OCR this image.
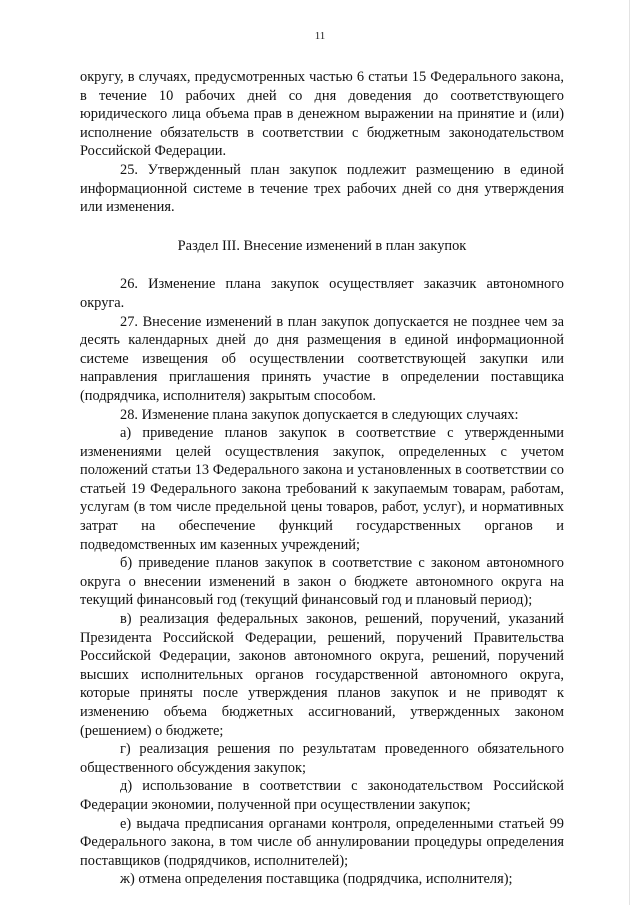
11

округу, в случаях, предусмотренных частью 6 статьи 15 Федерального закона, в течение 10 рабочих дней со дня доведения до соответствующего юридического лица объема прав в денежном выражении на принятие и (или) исполнение обязательств в соответствии с бюджетным законодательством Российской Федерации.

25. Утвержденный план закупок подлежит размещению в единой информационной системе в течение трех рабочих дней со дня утверждения или изменения.

Раздел III. Внесение изменений в план закупок

26. Изменение плана закупок осуществляет заказчик автономного округа.

27. Внесение изменений в план закупок допускается не позднее чем за десять календарных дней до дня размещения в единой информационной системе извещения об осуществлении соответствующей закупки или направления приглашения принять участие в определении поставщика (подрядчика, исполнителя) закрытым способом.

28. Изменение плана закупок допускается в следующих случаях:

а) приведение планов закупок в соответствие с утвержденными изменениями целей осуществления закупок, определенных с учетом положений статьи 13 Федерального закона и установленных в соответствии со статьей 19 Федерального закона требований к закупаемым товарам, работам, услугам (в том числе предельной цены товаров, работ, услуг), и нормативных затрат на обеспечение функций государственных органов и подведомственных им казенных учреждений;

б) приведение планов закупок в соответствие с законом автономного округа о внесении изменений в закон о бюджете автономного округа на текущий финансовый год (текущий финансовый год и плановый период);

в) реализация федеральных законов, решений, поручений, указаний Президента Российской Федерации, решений, поручений Правительства Российской Федерации, законов автономного округа, решений, поручений высших исполнительных органов государственной автономного округа, которые приняты после утверждения планов закупок и не приводят к изменению объема бюджетных ассигнований, утвержденных законом (решением) о бюджете;

г) реализация решения по результатам проведенного обязательного общественного обсуждения закупок;

д) использование в соответствии с законодательством Российской Федерации экономии, полученной при осуществлении закупок;

е) выдача предписания органами контроля, определенными статьей 99 Федерального закона, в том числе об аннулировании процедуры определения поставщиков (подрядчиков, исполнителей);

ж) отмена определения поставщика (подрядчика, исполнителя);
